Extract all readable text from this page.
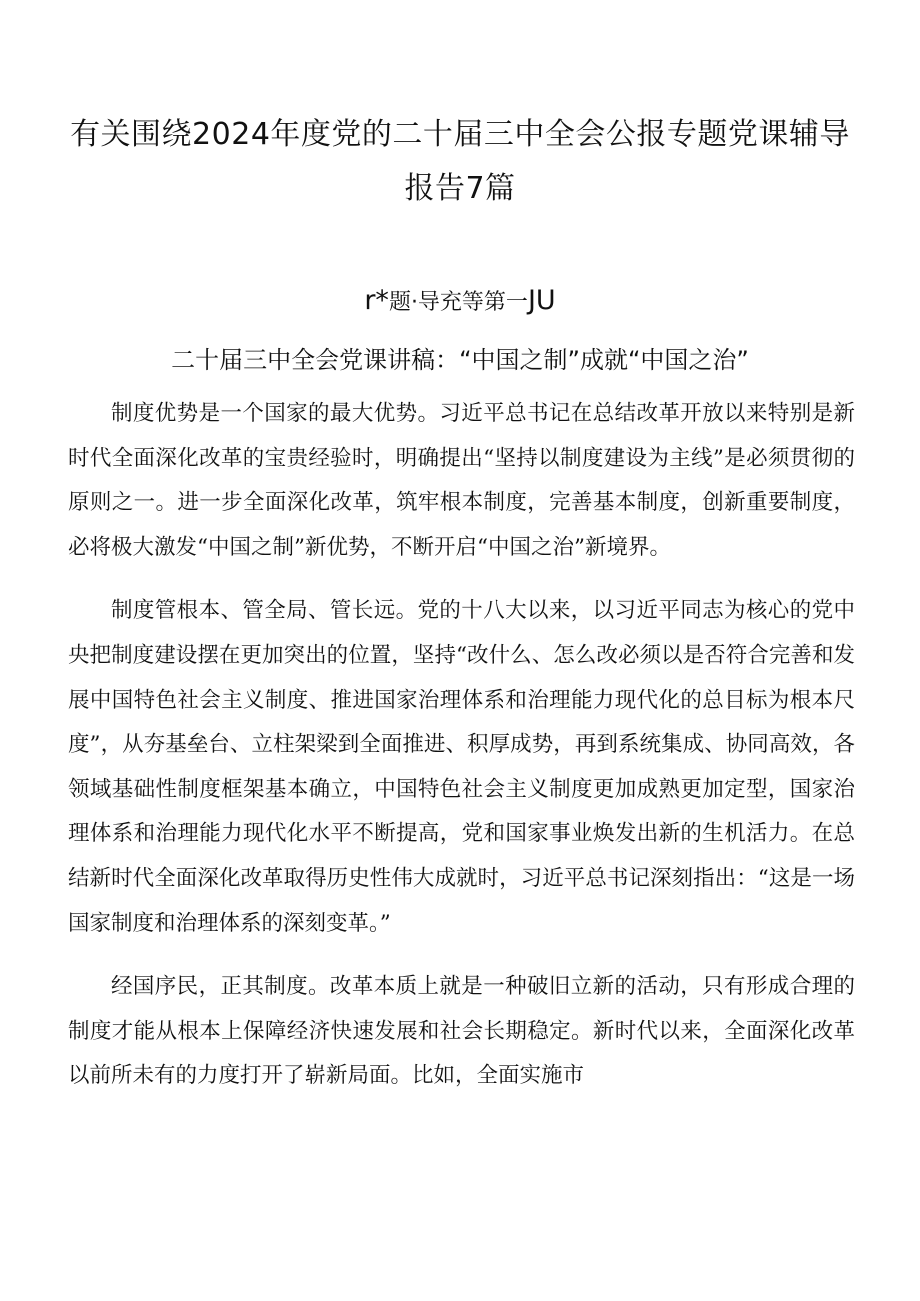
有关围绕2024年度党的二十届三中全会公报专题党课辅导报告7篇
r*题·导充等第一JU
二十届三中全会党课讲稿：“中国之制”成就“中国之治”

制度优势是一个国家的最大优势。习近平总书记在总结改革开放以来特别是新时代全面深化改革的宝贵经验时，明确提出“坚持以制度建设为主线”是必须贯彻的原则之一。进一步全面深化改革，筑牢根本制度，完善基本制度，创新重要制度，必将极大激发“中国之制”新优势，不断开启“中国之治”新境界。

制度管根本、管全局、管长远。党的十八大以来，以习近平同志为核心的党中央把制度建设摆在更加突出的位置，坚持“改什么、怎么改必须以是否符合完善和发展中国特色社会主义制度、推进国家治理体系和治理能力现代化的总目标为根本尺度”，从夯基垒台、立柱架梁到全面推进、积厚成势，再到系统集成、协同高效，各领域基础性制度框架基本确立，中国特色社会主义制度更加成熟更加定型，国家治理体系和治理能力现代化水平不断提高，党和国家事业焕发出新的生机活力。在总结新时代全面深化改革取得历史性伟大成就时，习近平总书记深刻指出：“这是一场国家制度和治理体系的深刻变革。”

经国序民，正其制度。改革本质上就是一种破旧立新的活动，只有形成合理的制度才能从根本上保障经济快速发展和社会长期稳定。新时代以来，全面深化改革以前所未有的力度打开了崭新局面。比如，全面实施市
